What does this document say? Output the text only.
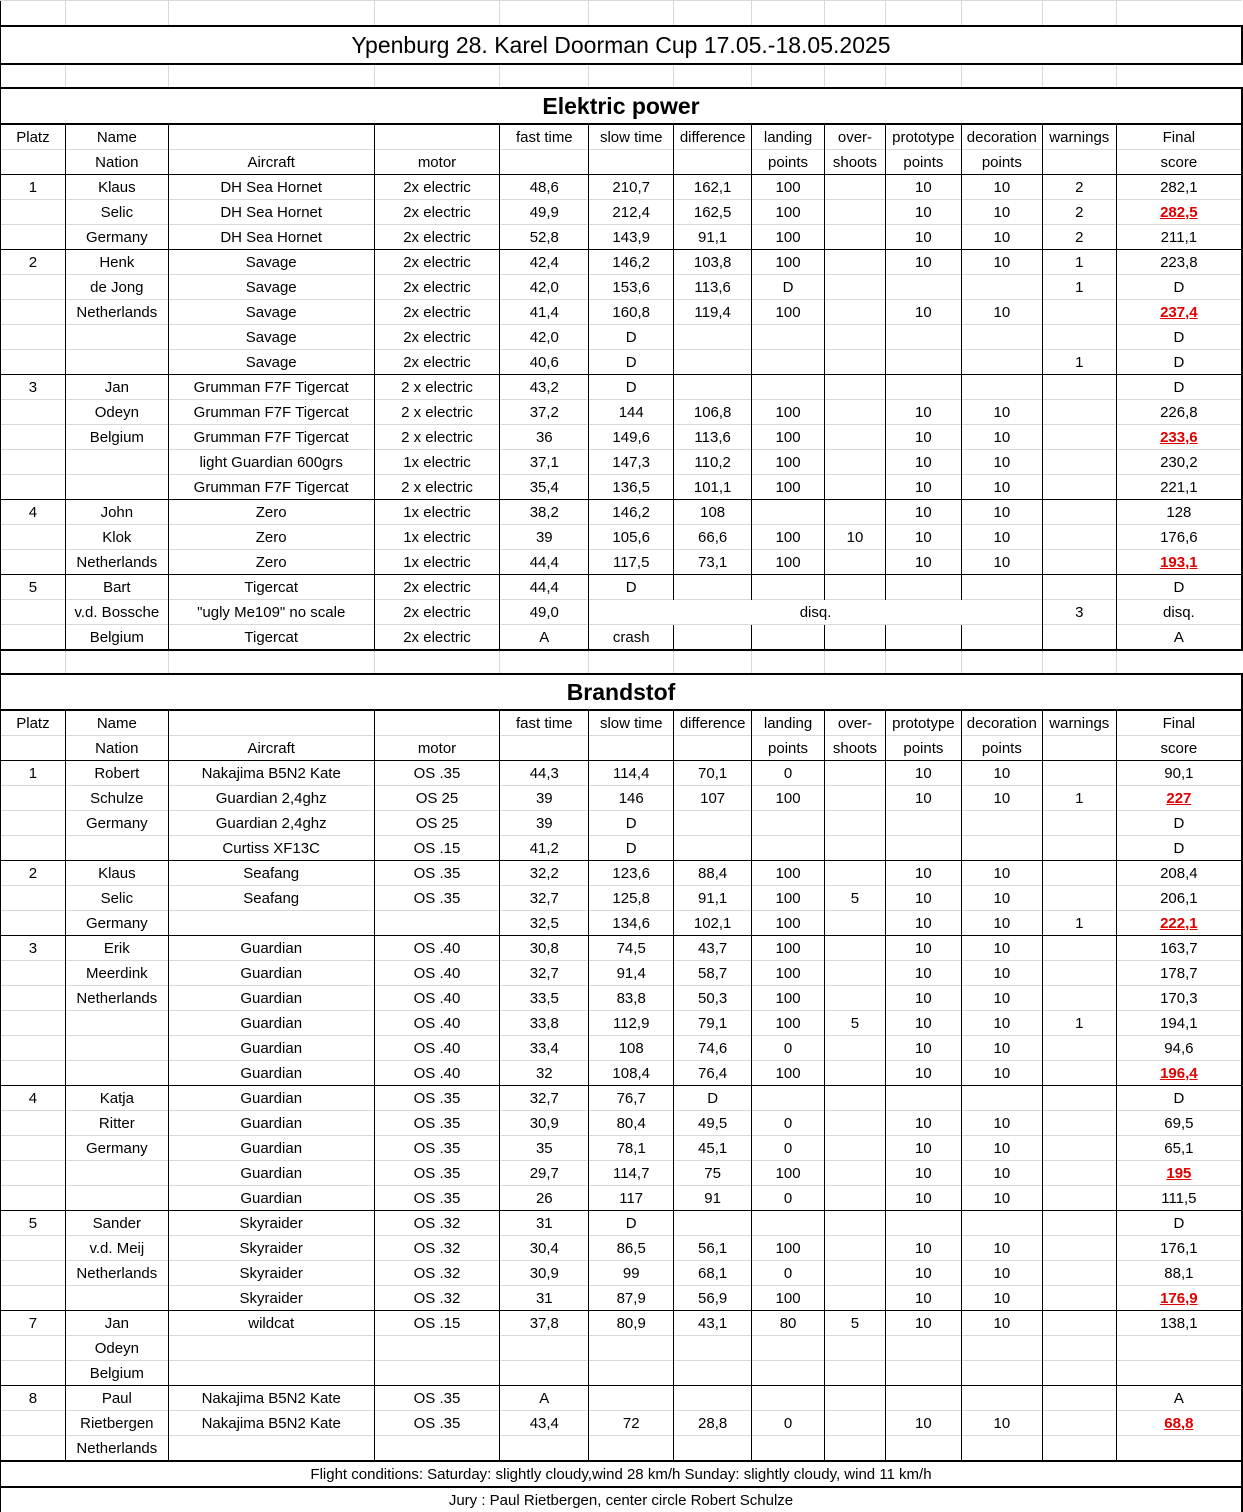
Ypenburg 28. Karel Doorman Cup 17.05.-18.05.2025												

Elektric power												
Platz	Name			fast time	slow time	difference	landing	over-	prototype	decoration	warnings	Final
	Nation	Aircraft	motor				points	shoots	points	points		score
1	Klaus	DH Sea Hornet	2x electric	48,6	210,7	162,1	100		10	10	2	282,1
	Selic	DH Sea Hornet	2x electric	49,9	212,4	162,5	100		10	10	2	282,5
	Germany	DH Sea Hornet	2x electric	52,8	143,9	91,1	100		10	10	2	211,1
2	Henk	Savage	2x electric	42,4	146,2	103,8	100		10	10	1	223,8
	de Jong	Savage	2x electric	42,0	153,6	113,6	D				1	D
	Netherlands	Savage	2x electric	41,4	160,8	119,4	100		10	10		237,4
		Savage	2x electric	42,0	D							D
		Savage	2x electric	40,6	D						1	D
3	Jan	Grumman F7F Tigercat	2 x electric	43,2	D							D
	Odeyn	Grumman F7F Tigercat	2 x electric	37,2	144	106,8	100		10	10		226,8
	Belgium	Grumman F7F Tigercat	2 x electric	36	149,6	113,6	100		10	10		233,6
		light Guardian 600grs	1x electric	37,1	147,3	110,2	100		10	10		230,2
		Grumman F7F Tigercat	2 x electric	35,4	136,5	101,1	100		10	10		221,1
4	John	Zero	1x electric	38,2	146,2	108			10	10		128
	Klok	Zero	1x electric	39	105,6	66,6	100	10	10	10		176,6
	Netherlands	Zero	1x electric	44,4	117,5	73,1	100		10	10		193,1
5	Bart	Tigercat	2x electric	44,4	D							D
	v.d. Bossche	"ugly Me109" no scale	2x electric	49,0	disq.						3	disq.
	Belgium	Tigercat	2x electric	A	crash							A

Brandstof												
Platz	Name			fast time	slow time	difference	landing	over-	prototype	decoration	warnings	Final
	Nation	Aircraft	motor				points	shoots	points	points		score
1	Robert	Nakajima B5N2 Kate	OS .35	44,3	114,4	70,1	0		10	10		90,1
	Schulze	Guardian 2,4ghz	OS 25	39	146	107	100		10	10	1	227
	Germany	Guardian 2,4ghz	OS 25	39	D							D
		Curtiss XF13C	OS .15	41,2	D							D
2	Klaus	Seafang	OS .35	32,2	123,6	88,4	100		10	10		208,4
	Selic	Seafang	OS .35	32,7	125,8	91,1	100	5	10	10		206,1
	Germany			32,5	134,6	102,1	100		10	10	1	222,1
3	Erik	Guardian	OS .40	30,8	74,5	43,7	100		10	10		163,7
	Meerdink	Guardian	OS .40	32,7	91,4	58,7	100		10	10		178,7
	Netherlands	Guardian	OS .40	33,5	83,8	50,3	100		10	10		170,3
		Guardian	OS .40	33,8	112,9	79,1	100	5	10	10	1	194,1
		Guardian	OS .40	33,4	108	74,6	0		10	10		94,6
		Guardian	OS .40	32	108,4	76,4	100		10	10		196,4
4	Katja	Guardian	OS .35	32,7	76,7	D						D
	Ritter	Guardian	OS .35	30,9	80,4	49,5	0		10	10		69,5
	Germany	Guardian	OS .35	35	78,1	45,1	0		10	10		65,1
		Guardian	OS .35	29,7	114,7	75	100		10	10		195
		Guardian	OS .35	26	117	91	0		10	10		111,5
5	Sander	Skyraider	OS .32	31	D							D
	v.d. Meij	Skyraider	OS .32	30,4	86,5	56,1	100		10	10		176,1
	Netherlands	Skyraider	OS .32	30,9	99	68,1	0		10	10		88,1
		Skyraider	OS .32	31	87,9	56,9	100		10	10		176,9
7	Jan	wildcat	OS .15	37,8	80,9	43,1	80	5	10	10		138,1
	Odeyn											
	Belgium											
8	Paul	Nakajima B5N2 Kate	OS .35	A								A
	Rietbergen	Nakajima B5N2 Kate	OS .35	43,4	72	28,8	0		10	10		68,8
	Netherlands											
Flight conditions: Saturday: slightly cloudy,wind 28 km/h Sunday: slightly cloudy, wind 11 km/h												
Jury : Paul Rietbergen, center circle Robert Schulze												
